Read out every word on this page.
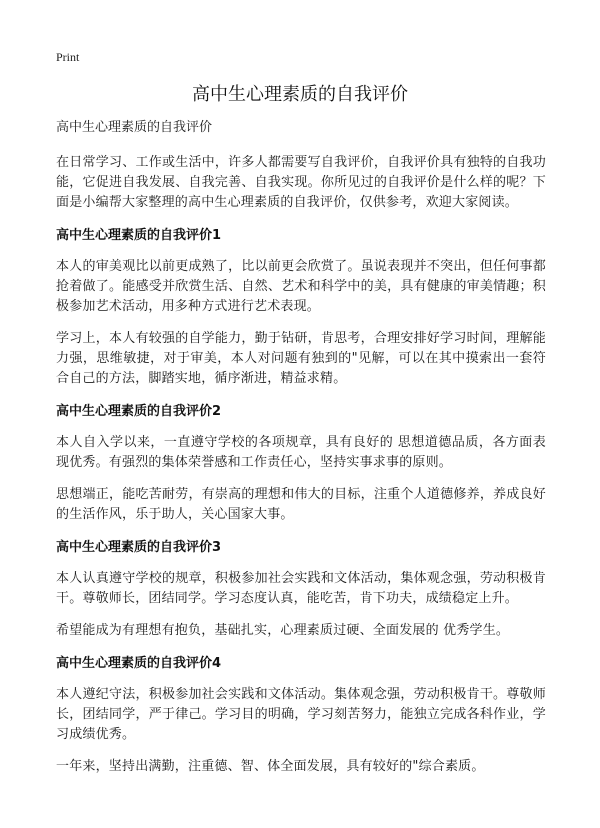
Print
高中生心理素质的自我评价
高中生心理素质的自我评价

在日常学习、工作或生活中，许多人都需要写自我评价，自我评价具有独特的自我功能，它促进自我发展、自我完善、自我实现。你所见过的自我评价是什么样的呢？下面是小编帮大家整理的高中生心理素质的自我评价，仅供参考，欢迎大家阅读。

高中生心理素质的自我评价1

本人的审美观比以前更成熟了，比以前更会欣赏了。虽说表现并不突出，但任何事都抢着做了。能感受并欣赏生活、自然、艺术和科学中的美，具有健康的审美情趣；积极参加艺术活动，用多种方式进行艺术表现。

学习上，本人有较强的自学能力，勤于钻研，肯思考，合理安排好学习时间，理解能力强，思维敏捷，对于审美，本人对问题有独到的"见解，可以在其中摸索出一套符合自己的方法，脚踏实地，循序渐进，精益求精。

高中生心理素质的自我评价2

本人自入学以来，一直遵守学校的各项规章，具有良好的 思想道德品质，各方面表现优秀。有强烈的集体荣誉感和工作责任心，坚持实事求事的原则。

思想端正，能吃苦耐劳，有崇高的理想和伟大的目标，注重个人道德修养，养成良好的生活作风，乐于助人，关心国家大事。

高中生心理素质的自我评价3

本人认真遵守学校的规章，积极参加社会实践和文体活动，集体观念强，劳动积极肯干。尊敬师长，团结同学。学习态度认真，能吃苦，肯下功夫，成绩稳定上升。

希望能成为有理想有抱负，基础扎实，心理素质过硬、全面发展的 优秀学生。

高中生心理素质的自我评价4

本人遵纪守法，积极参加社会实践和文体活动。集体观念强，劳动积极肯干。尊敬师长，团结同学，严于律己。学习目的明确，学习刻苦努力，能独立完成各科作业，学习成绩优秀。

一年来，坚持出满勤，注重德、智、体全面发展，具有较好的"综合素质。
